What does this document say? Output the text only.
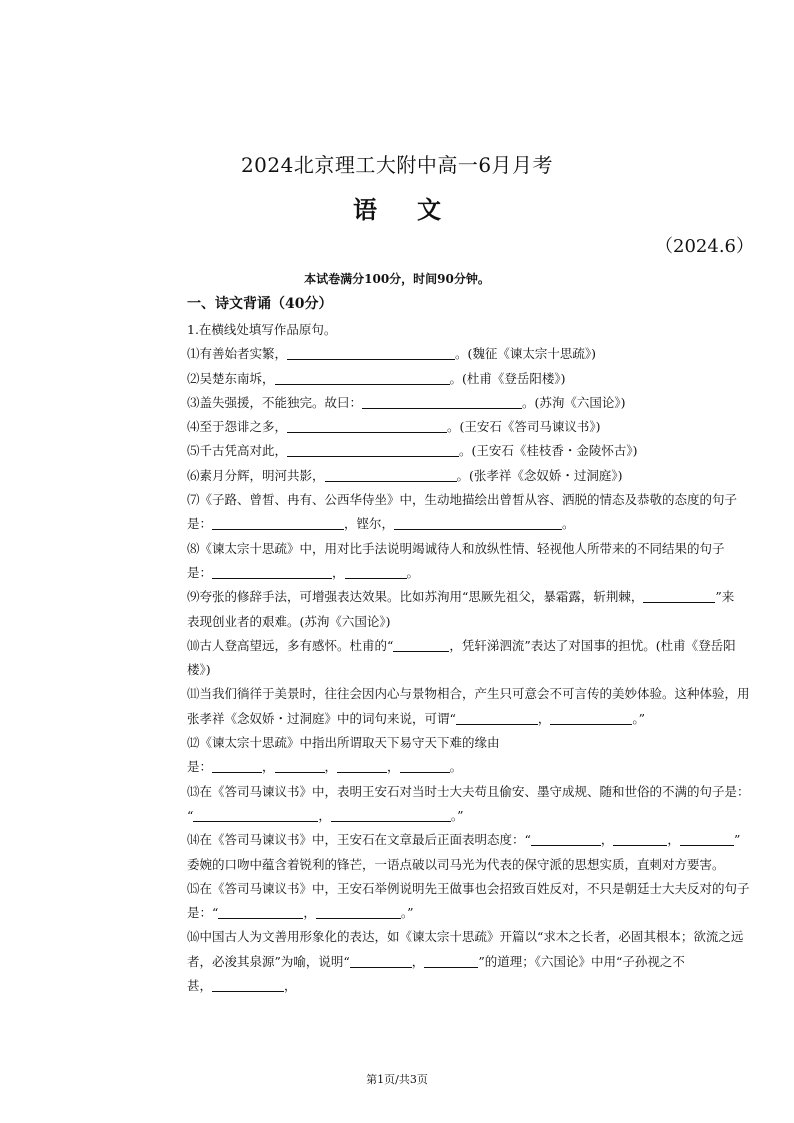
2024北京理工大附中高一6月月考
语文
（2024.6）
本试卷满分100分，时间90分钟。
一、诗文背诵（40分）
1.在横线处填写作品原句。
⑴有善始者实繁，	。(魏征《谏太宗十思疏》)
⑵吴楚东南坼，	。(杜甫《登岳阳楼》)
⑶盖失强援，不能独完。故曰：	。(苏洵《六国论》)
⑷至于怨诽之多，	。(王安石《答司马谏议书》)
⑸千古凭高对此，	。(王安石《桂枝香・金陵怀古》)
⑹素月分辉，明河共影，	。(张孝祥《念奴娇・过洞庭》)
⑺《子路、曾皙、冉有、公西华侍坐》中，生动地描绘出曾皙从容、洒脱的情态及恭敬的态度的句子
是：	，铿尔，	。
⑻《谏太宗十思疏》中，用对比手法说明竭诚待人和放纵性情、轻视他人所带来的不同结果的句子
是：	，	。
⑼夸张的修辞手法，可增强表达效果。比如苏洵用“思厥先祖父，暴霜露，斩荆棘，	”来
表现创业者的艰难。(苏洵《六国论》)
⑽古人登高望远，多有感怀。杜甫的“	，凭轩涕泗流”表达了对国事的担忧。(杜甫《登岳阳
楼》)
⑾当我们徜徉于美景时，往往会因内心与景物相合，产生只可意会不可言传的美妙体验。这种体验，用
张孝祥《念奴娇・过洞庭》中的词句来说，可谓“	，	。”
⑿《谏太宗十思疏》中指出所谓取天下易守天下难的缘由
是：	，	，	，	。
⒀在《答司马谏议书》中，表明王安石对当时士大夫苟且偷安、墨守成规、随和世俗的不满的句子是：
“	，	。”
⒁在《答司马谏议书》中，王安石在文章最后正面表明态度：“	，	，	”
委婉的口吻中蕴含着锐利的锋芒，一语点破以司马光为代表的保守派的思想实质，直刺对方要害。
⒂在《答司马谏议书》中，王安石举例说明先王做事也会招致百姓反对，不只是朝廷士大夫反对的句子
是：“	，	。”
⒃中国古人为文善用形象化的表达，如《谏太宗十思疏》开篇以“求木之长者，必固其根本；欲流之远
者，必浚其泉源”为喻，说明“	，	”的道理；《六国论》中用“子孙视之不
甚，	，
第1页/共3页
